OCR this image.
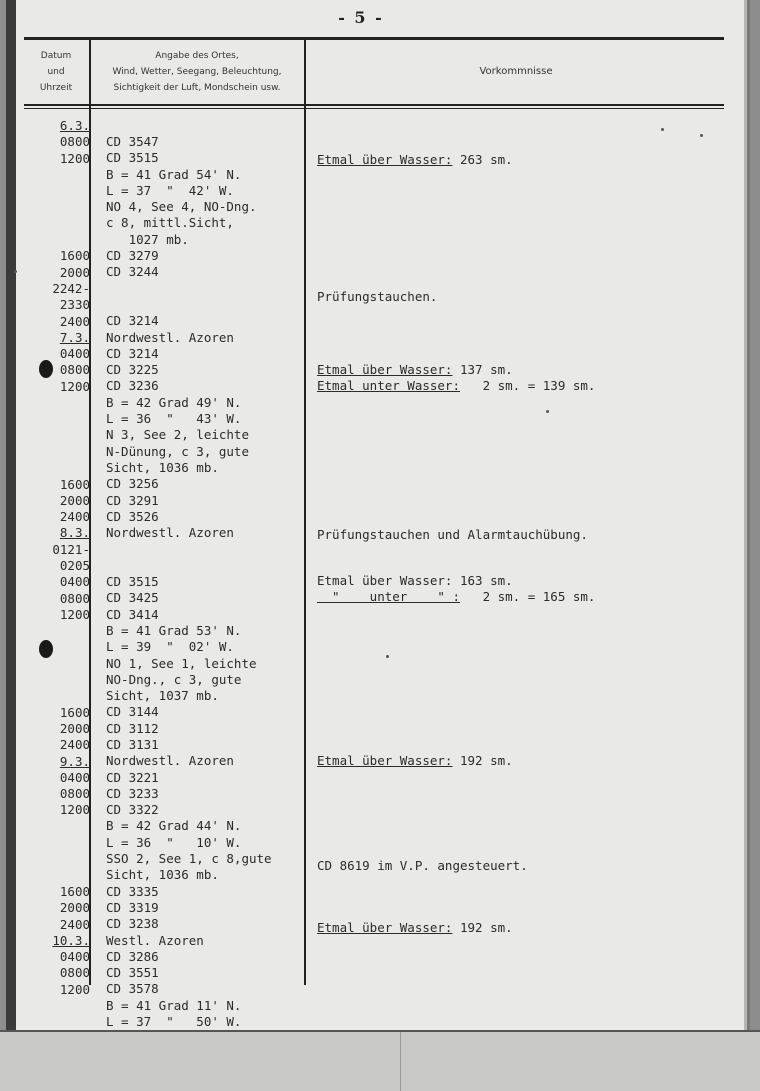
- 5 -
Datum
und
Uhrzeit
Angabe des Ortes,
Wind, Wetter, Seegang, Beleuchtung,
Sichtigkeit der Luft, Mondschein usw.
Vorkommnisse
6.3.
0800
1200
1600
2000
2242-
2330
2400
7.3.
0400
0800
1200
1600
2000
2400
8.3.
0121-
0205
0400
0800
1200
1600
2000
2400
9.3.
0400
0800
1200
1600
2000
2400
10.3.
0400
0800
1200
CD 3547
CD 3515
B = 41 Grad 54' N.
L = 37  "  42' W.
NO 4, See 4, NO-Dng.
c 8, mittl.Sicht,
1027 mb.
CD 3279
CD 3244
CD 3214
Nordwestl. Azoren
CD 3214
CD 3225
CD 3236
B = 42 Grad 49' N.
L = 36  "   43' W.
N 3, See 2, leichte
N-Dünung, c 3, gute
Sicht, 1036 mb.
CD 3256
CD 3291
CD 3526
Nordwestl. Azoren
CD 3515
CD 3425
CD 3414
B = 41 Grad 53' N.
L = 39  "  02' W.
NO 1, See 1, leichte
NO-Dng., c 3, gute
Sicht, 1037 mb.
CD 3144
CD 3112
CD 3131
Nordwestl. Azoren
CD 3221
CD 3233
CD 3322
B = 42 Grad 44' N.
L = 36  "   10' W.
SSO 2, See 1, c 8,gute
Sicht, 1036 mb.
CD 3335
CD 3319
CD 3238
Westl. Azoren
CD 3286
CD 3551
CD 3578
B = 41 Grad 11' N.
L = 37  "   50' W.
Etmal über Wasser: 263 sm.
Prüfungstauchen.
Etmal über Wasser: 137 sm.
Etmal unter Wasser:   2 sm. = 139 sm.
Prüfungstauchen und Alarmtauchübung.
Etmal über Wasser: 163 sm.
"    unter    " :   2 sm. = 165 sm.
Etmal über Wasser: 192 sm.
CD 8619 im V.P. angesteuert.
Etmal über Wasser: 192 sm.
